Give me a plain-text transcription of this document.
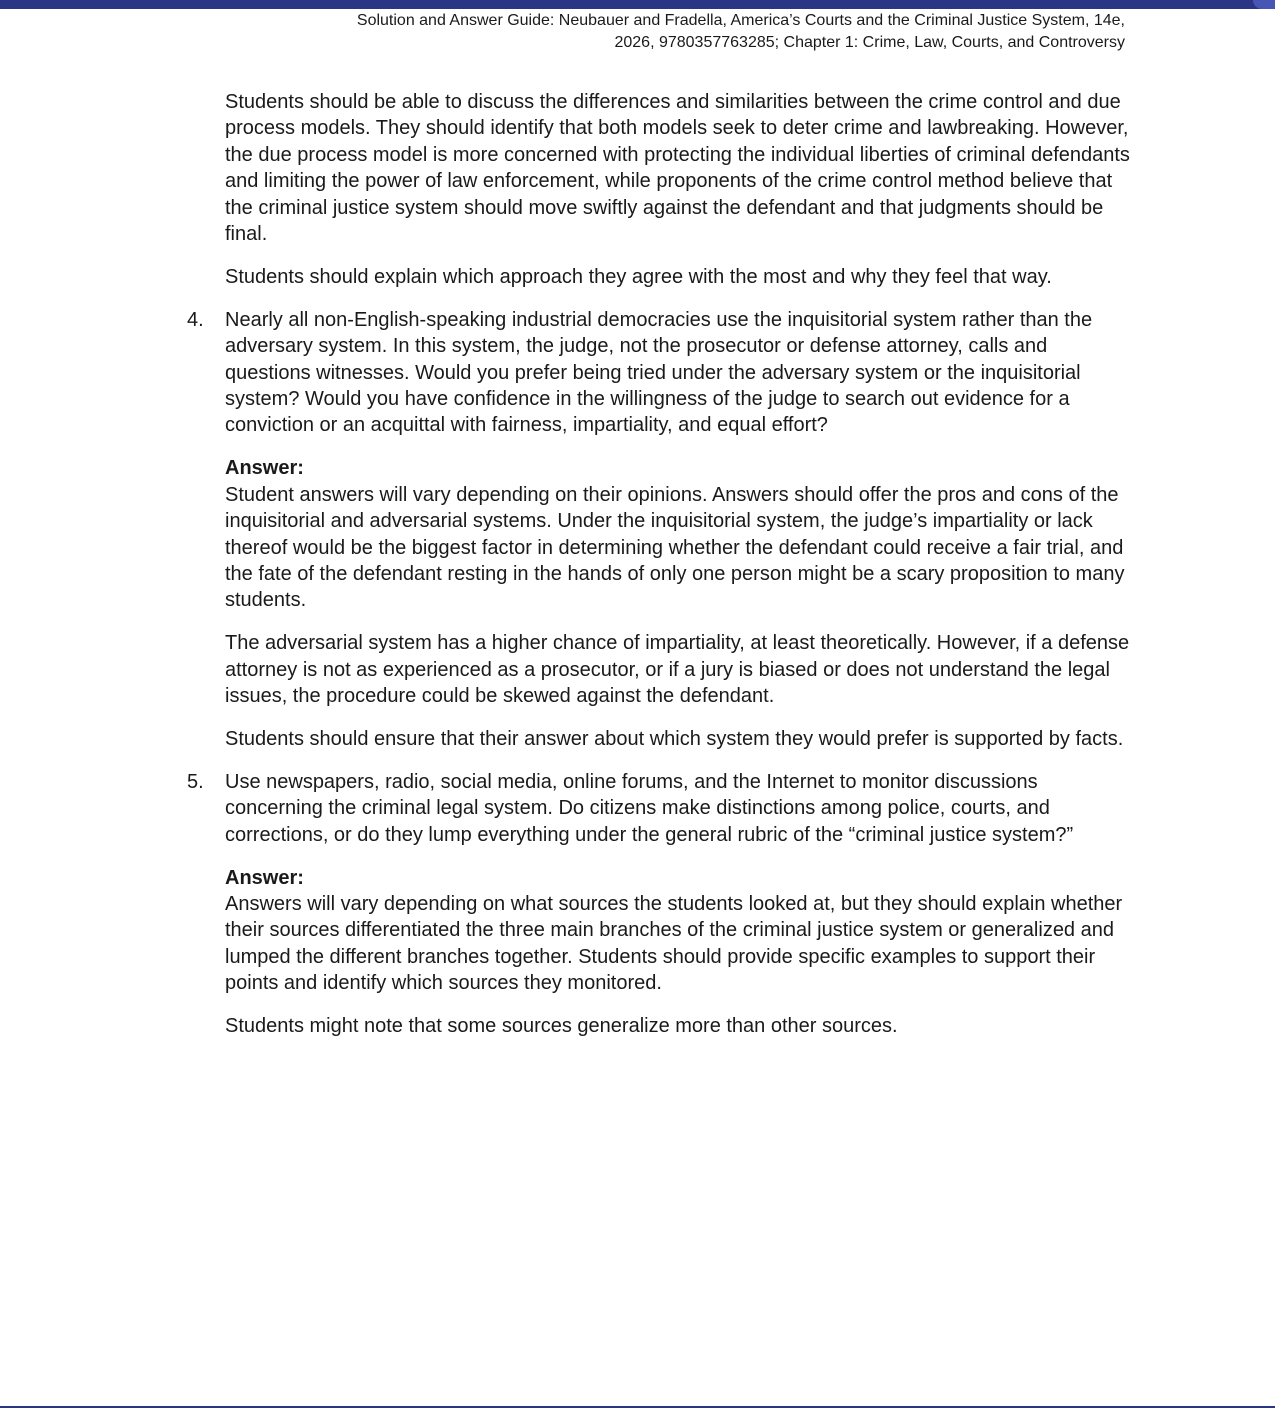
Solution and Answer Guide: Neubauer and Fradella, America’s Courts and the Criminal Justice System, 14e,
2026, 9780357763285; Chapter 1: Crime, Law, Courts, and Controversy

Students should be able to discuss the differences and similarities between the crime control and due process models. They should identify that both models seek to deter crime and lawbreaking. However, the due process model is more concerned with protecting the individual liberties of criminal defendants and limiting the power of law enforcement, while proponents of the crime control method believe that the criminal justice system should move swiftly against the defendant and that judgments should be final.

Students should explain which approach they agree with the most and why they feel that way.

4. Nearly all non-English-speaking industrial democracies use the inquisitorial system rather than the adversary system. In this system, the judge, not the prosecutor or defense attorney, calls and questions witnesses. Would you prefer being tried under the adversary system or the inquisitorial system? Would you have confidence in the willingness of the judge to search out evidence for a conviction or an acquittal with fairness, impartiality, and equal effort?

Answer:
Student answers will vary depending on their opinions. Answers should offer the pros and cons of the inquisitorial and adversarial systems. Under the inquisitorial system, the judge’s impartiality or lack thereof would be the biggest factor in determining whether the defendant could receive a fair trial, and the fate of the defendant resting in the hands of only one person might be a scary proposition to many students.

The adversarial system has a higher chance of impartiality, at least theoretically. However, if a defense attorney is not as experienced as a prosecutor, or if a jury is biased or does not understand the legal issues, the procedure could be skewed against the defendant.

Students should ensure that their answer about which system they would prefer is supported by facts.

5. Use newspapers, radio, social media, online forums, and the Internet to monitor discussions concerning the criminal legal system. Do citizens make distinctions among police, courts, and corrections, or do they lump everything under the general rubric of the “criminal justice system?”

Answer:
Answers will vary depending on what sources the students looked at, but they should explain whether their sources differentiated the three main branches of the criminal justice system or generalized and lumped the different branches together. Students should provide specific examples to support their points and identify which sources they monitored.

Students might note that some sources generalize more than other sources.
